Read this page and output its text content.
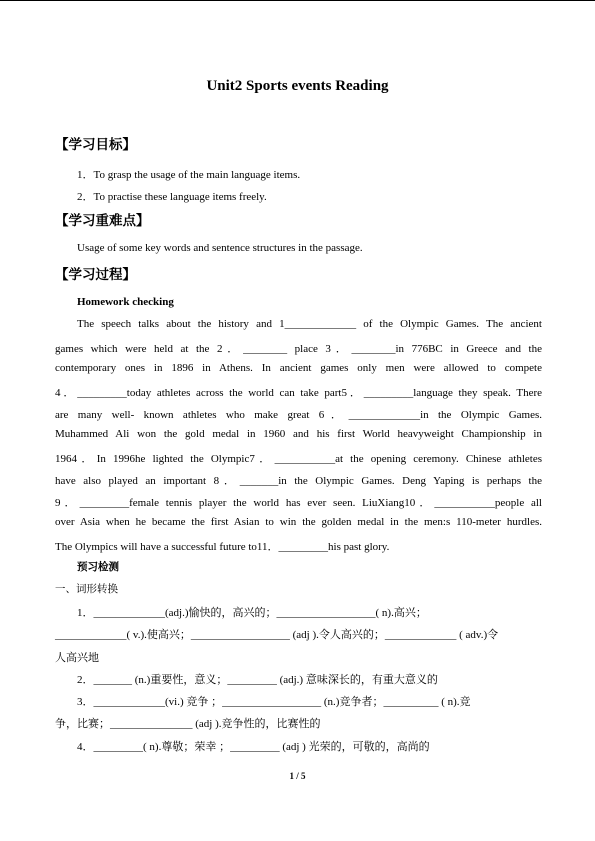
Unit2 Sports events Reading
【学习目标】
1．To grasp the usage of the main language items.
2．To practise these language items freely.
【学习重难点】
Usage of some key words and sentence structures in the passage.
【学习过程】
Homework checking
The speech talks about the history and 1_____________ of the Olympic Games. The ancient
games which were held at the 2．________ place 3．________in 776BC in Greece and the
contemporary ones in 1896 in Athens. In ancient games only men were allowed to compete
4．_________today athletes across the world can take part5．_________language they speak. There
are many well- known athletes who make great 6．_____________in the Olympic Games.
Muhammed Ali won the gold medal in 1960 and his first World heavyweight Championship in
1964．In 1996he lighted the Olympic7．___________at the opening ceremony. Chinese athletes
have also played an important 8．_______in the Olympic Games. Deng Yaping is perhaps the
9．_________female tennis player the world has ever seen. LiuXiang10．___________people all
over Asia when he became the first Asian to win the golden medal in the men:s 110-meter hurdles.
The Olympics will have a successful future to11．_________his past glory.
预习检测
一、词形转换
1．_____________(adj.)愉快的，高兴的；__________________( n).高兴；
_____________( v.).使高兴；__________________ (adj ).令人高兴的；_____________ ( adv.)令
人高兴地
2．_______ (n.)重要性，意义；_________ (adj.) 意味深长的，有重大意义的
3．_____________(vi.) 竞争 ；__________________ (n.)竞争者；__________ ( n).竞
争，比赛；_______________ (adj ).竞争性的，比赛性的
4．_________( n).尊敬；荣幸 ；_________ (adj ) 光荣的，可敬的，高尚的
1 / 5
